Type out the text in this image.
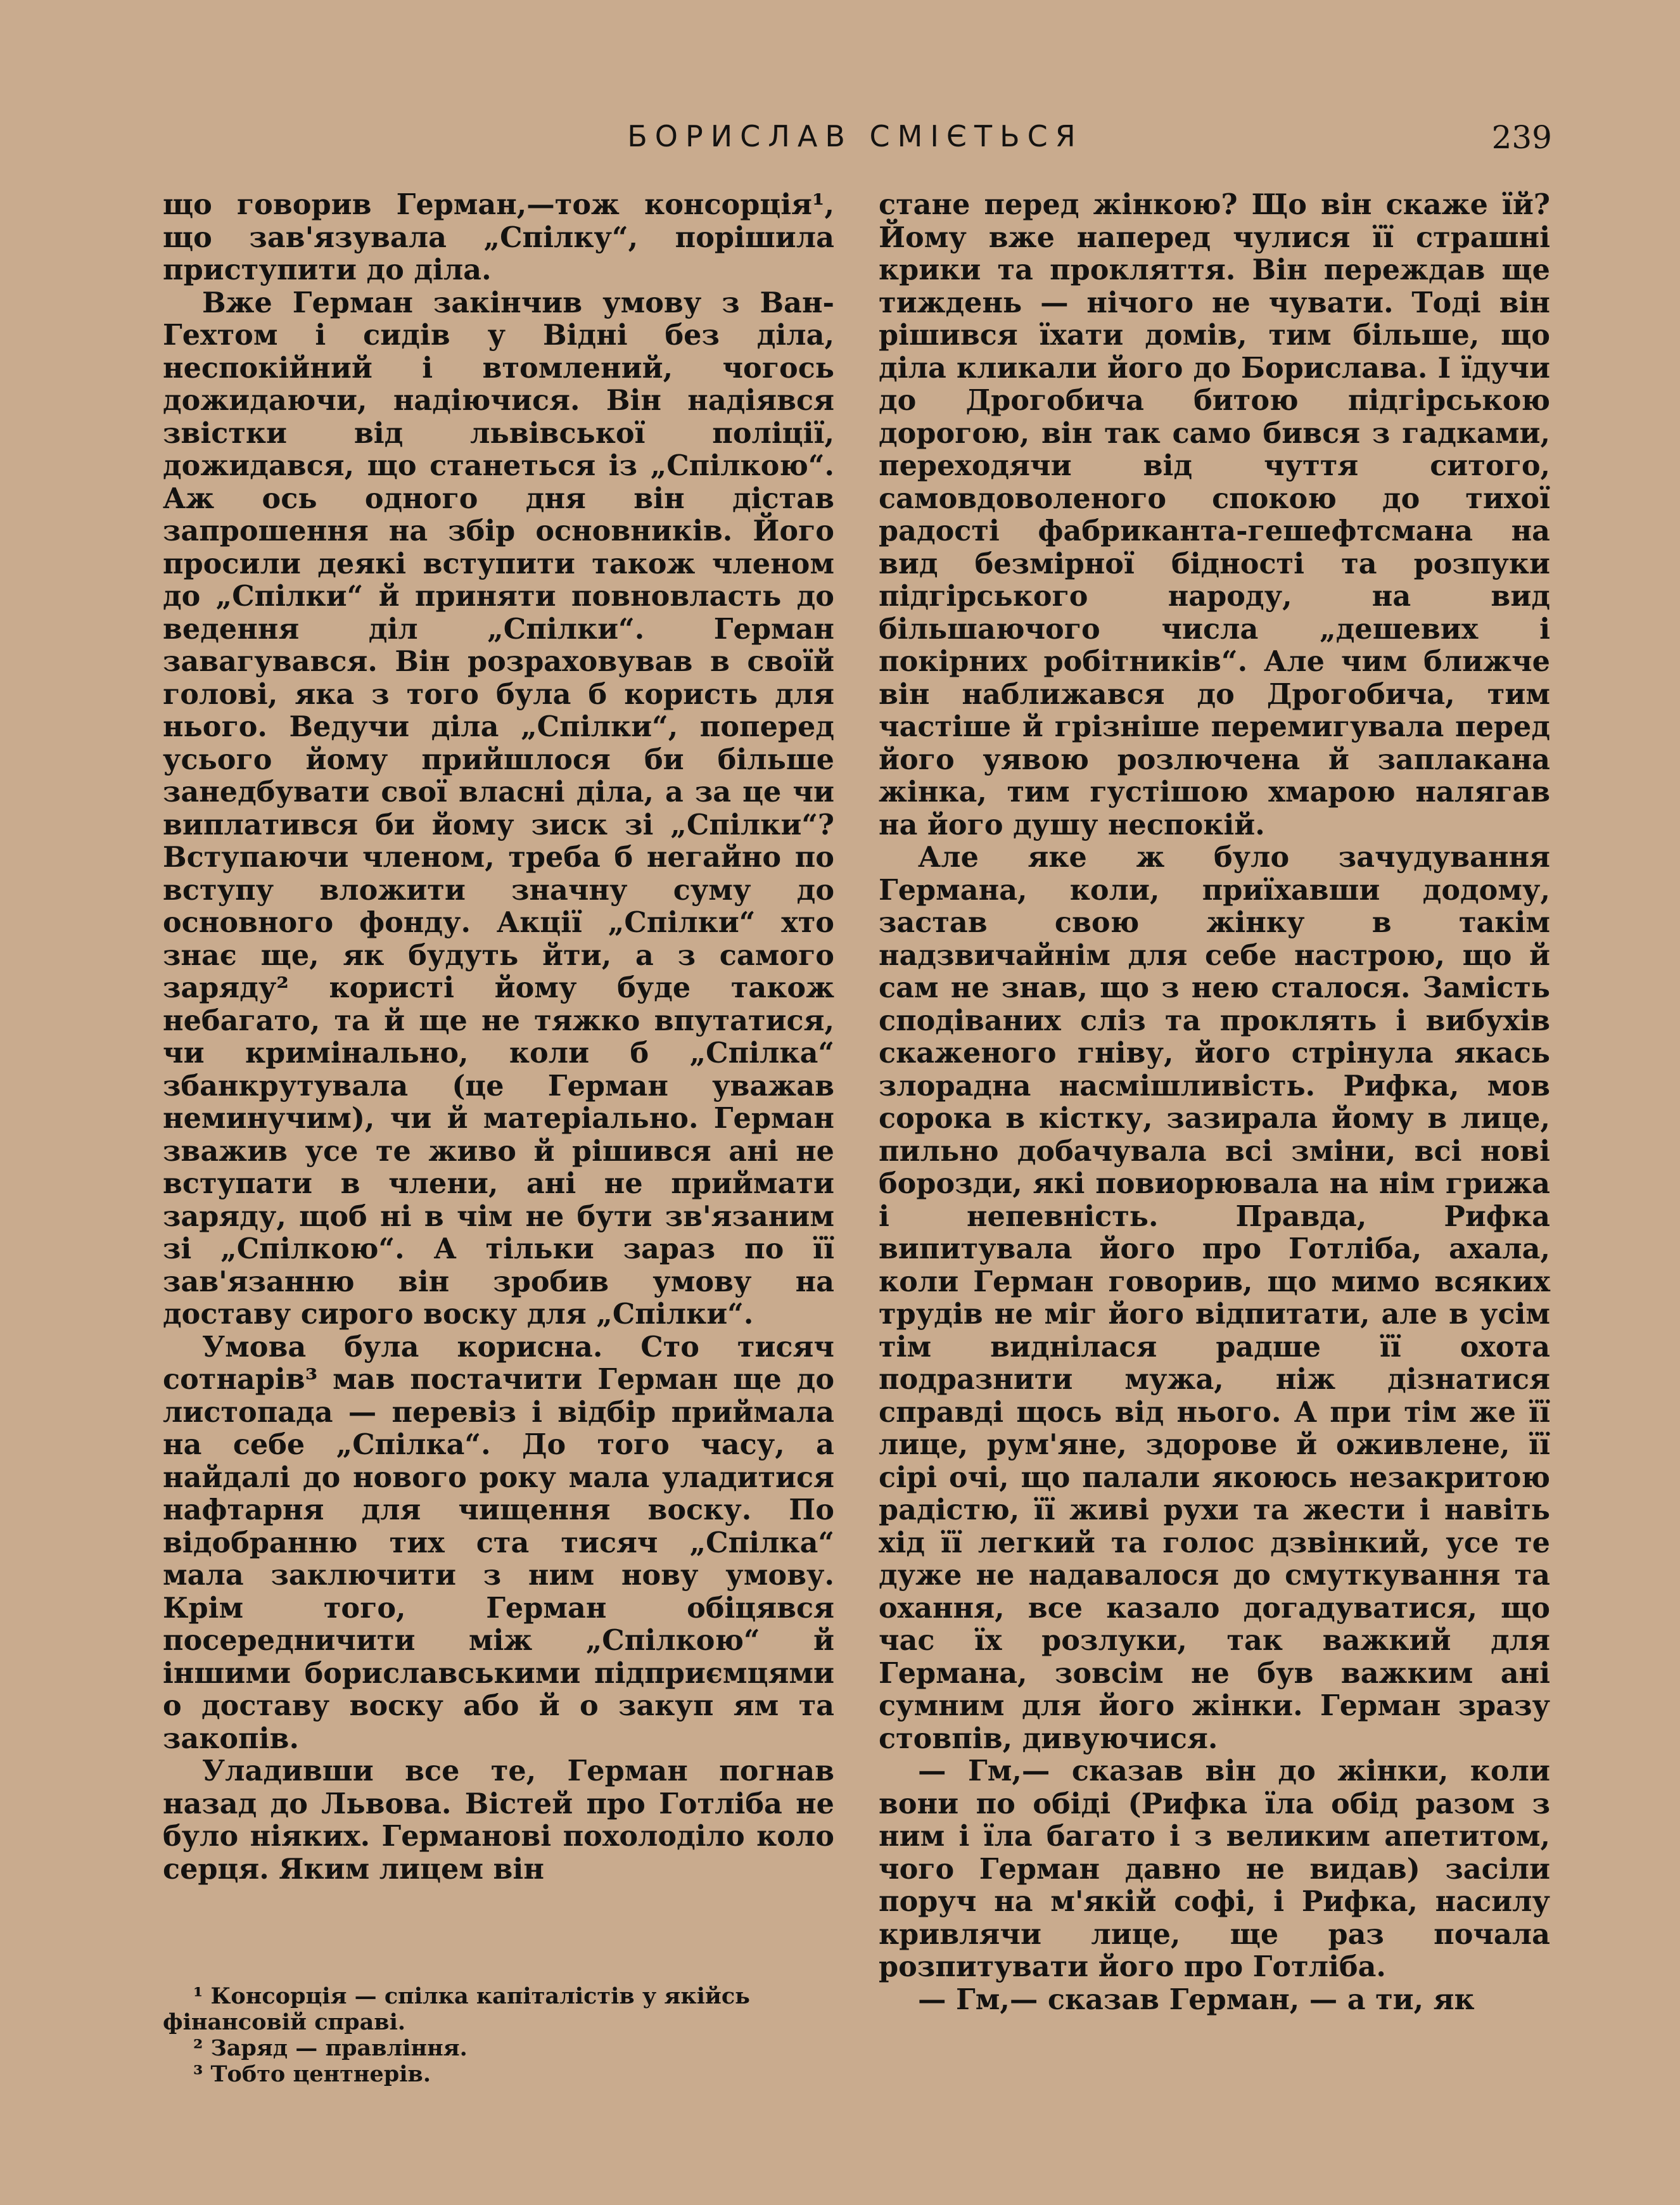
БОРИСЛАВ СМІЄТЬСЯ	239

що говорив Герман,—тож консорція¹, що зав'язувала „Спілку“, порішила приступити до діла.

Вже Герман закінчив умову з Ван-Гехтом і сидів у Відні без діла, неспокійний і втомлений, чогось дожидаючи, надіючися. Він надіявся звістки від львівської поліції, дожидався, що станеться із „Спілкою“. Аж ось одного дня він дістав запрошення на збір основників. Його просили деякі вступити також членом до „Спілки“ й приняти повновласть до ведення діл „Спілки“. Герман завагувався. Він розраховував в своїй голові, яка з того була б користь для нього. Ведучи діла „Спілки“, поперед усього йому прийшлося би більше занедбувати свої власні діла, а за це чи виплатився би йому зиск зі „Спілки“? Вступаючи членом, треба б негайно по вступу вложити значну суму до основного фонду. Акції „Спілки“ хто знає ще, як будуть йти, а з самого заряду² користі йому буде також небагато, та й ще не тяжко впутатися, чи кримінально, коли б „Спілка“ збанкрутувала (це Герман уважав неминучим), чи й матеріально. Герман зважив усе те живо й рішився ані не вступати в члени, ані не приймати заряду, щоб ні в чім не бути зв'язаним зі „Спілкою“. А тільки зараз по її зав'язанню він зробив умову на доставу сирого воску для „Спілки“.

Умова була корисна. Сто тисяч сотнарів³ мав постачити Герман ще до листопада — перевіз і відбір приймала на себе „Спілка“. До того часу, а найдалі до нового року мала уладитися нафтарня для чищення воску. По відобранню тих ста тисяч „Спілка“ мала заключити з ним нову умову. Крім того, Герман обіцявся посередничити між „Спілкою“ й іншими бориславськими підприємцями о доставу воску або й о закуп ям та закопів.

Уладивши все те, Герман погнав назад до Львова. Вістей про Готліба не було ніяких. Германові похолоділо коло серця. Яким лицем він

стане перед жінкою? Що він скаже їй? Йому вже наперед чулися її страшні крики та прокляття. Він переждав ще тиждень — нічого не чувати. Тоді він рішився їхати домів, тим більше, що діла кликали його до Борислава. І їдучи до Дрогобича битою підгірською дорогою, він так само бився з гадками, переходячи від чуття ситого, самовдоволеного спокою до тихої радості фабриканта-гешефтсмана на вид безмірної бідності та розпуки підгірського народу, на вид більшаючого числа „дешевих і покірних робітників“. Але чим ближче він наближався до Дрогобича, тим частіше й грізніше перемигувала перед його уявою розлючена й заплакана жінка, тим густішою хмарою налягав на його душу неспокій.

Але яке ж було зачудування Германа, коли, приїхавши додому, застав свою жінку в такім надзвичайнім для себе настрою, що й сам не знав, що з нею сталося. Замість сподіваних сліз та проклять і вибухів скаженого гніву, його стрінула якась злорадна насмішливість. Рифка, мов сорока в кістку, зазирала йому в лице, пильно добачувала всі зміни, всі нові борозди, які повиорювала на нім грижа і непевність. Правда, Рифка випитувала його про Готліба, ахала, коли Герман говорив, що мимо всяких трудів не міг його відпитати, але в усім тім виднілася радше її охота подразнити мужа, ніж дізнатися справді щось від нього. А при тім же її лице, рум'яне, здорове й оживлене, її сірі очі, що палали якоюсь незакритою радістю, її живі рухи та жести і навіть хід її легкий та голос дзвінкий, усе те дуже не надавалося до смуткування та охання, все казало догадуватися, що час їх розлуки, так важкий для Германа, зовсім не був важким ані сумним для його жінки. Герман зразу стовпів, дивуючися.

— Гм,— сказав він до жінки, коли вони по обіді (Рифка їла обід разом з ним і їла багато і з великим апетитом, чого Герман давно не видав) засіли поруч на м'якій софі, і Рифка, насилу кривлячи лице, ще раз почала розпитувати його про Готліба.

— Гм,— сказав Герман, — а ти, як

¹ Консорція — спілка капіталістів у якійсь фінансовій справі.
² Заряд — правління.
³ Тобто центнерів.
